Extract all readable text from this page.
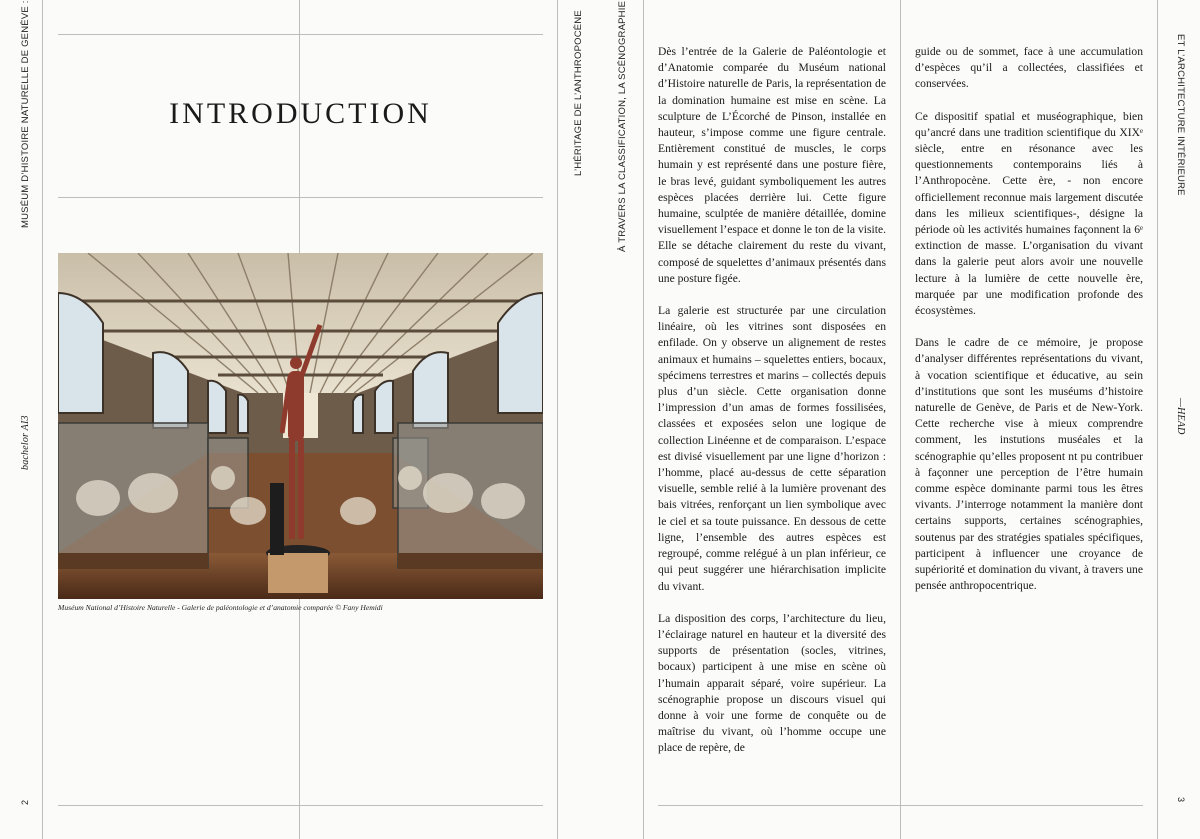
MUSÉUM D’HISTOIRE NATURELLE DE GENÈVE :
bachelor AI3
2
L’HÉRITAGE DE L’ANTHROPOCÈNE	À TRAVERS LA CLASSIFICATION, LA SCÉNOGRAPHIE	ET L’ARCHITECTURE INTÉRIEURE
—HEAD
3
INTRODUCTION
Muséum National d’Histoire Naturelle - Galerie de paléontologie et d’anatomie comparée © Fany Hemidi

Dès l’entrée de la Galerie de Paléontologie et d’Anatomie comparée du Muséum national d’Histoire naturelle de Paris, la représentation de la domination humaine est mise en scène. La sculpture de L’Écorché de Pinson, installée en hauteur, s’impose comme une figure centrale. Entièrement constitué de muscles, le corps humain y est représenté dans une posture fière, le bras levé, guidant symboliquement les autres espèces placées derrière lui. Cette figure humaine, sculptée de manière détaillée, domine visuellement l’espace et donne le ton de la visite. Elle se détache clairement du reste du vivant, composé de squelettes d’animaux présentés dans une posture figée.

La galerie est structurée par une circulation linéaire, où les vitrines sont disposées en enfilade. On y observe un alignement de restes animaux et humains – squelettes entiers, bocaux, spécimens terrestres et marins – collectés depuis plus d’un siècle. Cette organisation donne l’impression d’un amas de formes fossilisées, classées et exposées selon une logique de collection Linéenne et de comparaison. L’espace est divisé visuellement par une ligne d’horizon : l’homme, placé au-dessus de cette séparation visuelle, semble relié à la lumière provenant des bais vitrées, renforçant un lien symbolique avec le ciel et sa toute puissance. En dessous de cette ligne, l’ensemble des autres espèces est regroupé, comme relégué à un plan inférieur, ce qui peut suggérer une hiérarchisation implicite du vivant.

La disposition des corps, l’architecture du lieu, l’éclairage naturel en hauteur et la diversité des supports de présentation (socles, vitrines, bocaux) participent à une mise en scène où l’humain apparait séparé, voire supérieur. La scénographie propose un discours visuel qui donne à voir une forme de conquête ou de maîtrise du vivant, où l’homme occupe une place de repère, de

guide ou de sommet, face à une accumulation d’espèces qu’il a collectées, classifiées et conservées.

Ce dispositif spatial et muséographique, bien qu’ancré dans une tradition scientifique du XIXᵉ siècle, entre en résonance avec les questionnements contemporains liés à l’Anthropocène. Cette ère, - non encore officiellement reconnue mais largement discutée dans les milieux scientifiques-, désigne la période où les activités humaines façonnent la 6ᵉ extinction de masse. L’organisation du vivant dans la galerie peut alors avoir une nouvelle lecture à la lumière de cette nouvelle ère, marquée par une modification profonde des écosystèmes.

Dans le cadre de ce mémoire, je propose d’analyser différentes représentations du vivant, à vocation scientifique et éducative, au sein d’institutions que sont les muséums d’histoire naturelle de Genève, de Paris et de New-York. Cette recherche vise à mieux comprendre comment, les instutions muséales et la scénographie qu’elles proposent nt pu contribuer à façonner une perception de l’être humain comme espèce dominante parmi tous les êtres vivants. J’interroge notamment la manière dont certains supports, certaines scénographies, soutenus par des stratégies spatiales spécifiques, participent à influencer une croyance de supériorité et domination du vivant, à travers une pensée anthropocentrique.
